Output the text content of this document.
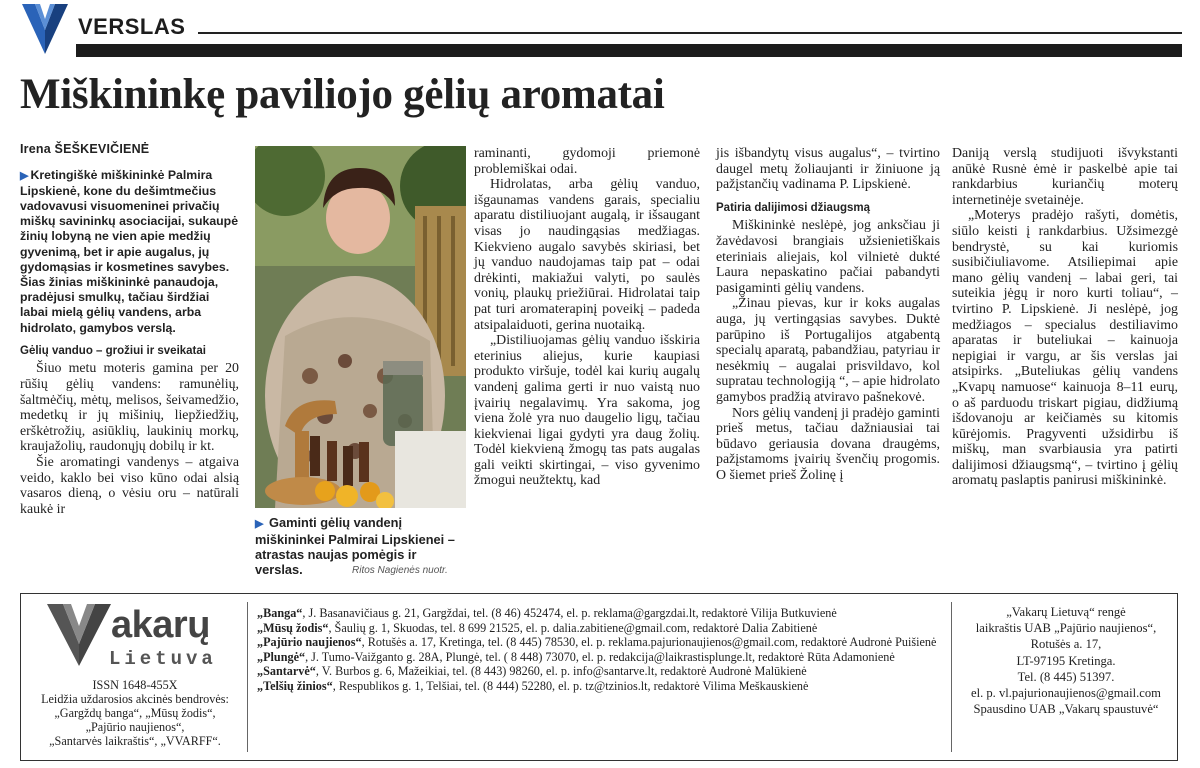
VERSLAS
Miškininkę paviliojo gėlių aromatai
Irena ŠEŠKEVIČIENĖ

▶ Kretingiškė miškininkė Palmira Lipskienė, kone du dešimtmečius vadovavusi visuomeninei privačių miškų savininkų asociacijai, sukaupė žinių lobyną ne vien apie medžių gyvenimą, bet ir apie augalus, jų gydomąsias ir kosmetines savybes. Šias žinias miškininkė panaudoja, pradėjusi smulkų, tačiau širdžiai labai mielą gėlių vandens, arba hidrolato, gamybos verslą.

Gėlių vanduo – grožiui ir sveikatai

Šiuo metu moteris gamina per 20 rūšių gėlių vandens: ramunėlių, šaltmėčių, mėtų, melisos, šeivamedžio, medetkų ir jų mišinių, liepžiedžių, erškėtrožių, asiūklių, laukinių morkų, kraujažolių, raudonųjų dobilų ir kt.

Šie aromatingi vandenys – atgaiva veido, kaklo bei viso kūno odai alsią vasaros dieną, o vėsiu oru – natūrali kaukė ir

▶ Gaminti gėlių vandenį miškininkei Palmirai Lipskienei – atrastas naujas pomėgis ir verslas.	Ritos Nagienės nuotr.

raminanti, gydomoji priemonė problemiškai odai.

Hidrolatas, arba gėlių vanduo, išgaunamas vandens garais, specialiu aparatu distiliuojant augalą, ir išsaugant visas jo naudingąsias medžiagas. Kiekvieno augalo savybės skiriasi, bet jų vanduo naudojamas taip pat – odai drėkinti, makiažui valyti, po saulės vonių, plaukų priežiūrai. Hidrolatai taip pat turi aromaterapinį poveikį – padeda atsipalaiduoti, gerina nuotaiką.

„Distiliuojamas gėlių vanduo išskiria eterinius aliejus, kurie kaupiasi produkto viršuje, todėl kai kurių augalų vandenį galima gerti ir nuo vaistą nuo įvairių negalavimų. Yra sakoma, jog viena žolė yra nuo daugelio ligų, tačiau kiekvienai ligai gydyti yra daug žolių. Todėl kiekvieną žmogų tas pats augalas gali veikti skirtingai, – viso gyvenimo žmogui neužtektų, kad

jis išbandytų visus augalus“, – tvirtino daugel metų žoliaujanti ir žiniuone ją pažįstančių vadinama P. Lipskienė.

Patiria dalijimosi džiaugsmą

Miškininkė neslėpė, jog anksčiau ji žavėdavosi brangiais užsienietiškais eteriniais aliejais, kol vilnietė dukté Laura nepaskatino pačiai pabandyti pasigaminti gėlių vandens.

„Žinau pievas, kur ir koks augalas auga, jų vertingąsias savybes. Duktė parūpino iš Portugalijos atgabentą specialų aparatą, pabandžiau, patyriau ir nesėkmių – augalai prisvildavo, kol supratau technologiją “, – apie hidrolato gamybos pradžią atviravo pašnekovė.

Nors gėlių vandenį ji pradėjo gaminti prieš metus, tačiau dažniausiai tai būdavo geriausia dovana draugėms, pažįstamoms įvairių švenčių progomis. O šiemet prieš Žolinę į

Daniją verslą studijuoti išvykstanti anūkė Rusnė ėmė ir paskelbė apie tai rankdarbius kuriančių moterų internetinėje svetainėje.

„Moterys pradėjo rašyti, domėtis, siūlo keisti į rankdarbius. Užsimezgė bendrystė, su kai kuriomis susibičiuliavome. Atsiliepimai apie mano gėlių vandenį – labai geri, tai suteikia jėgų ir noro kurti toliau“, – tvirtino P. Lipskienė. Ji neslėpė, jog medžiagos – specialus destiliavimo aparatas ir buteliukai – kainuoja nepigiai ir vargu, ar šis verslas jai atsipirks. „Buteliukas gėlių vandens „Kvapų namuose“ kainuoja 8–11 eurų, o aš parduodu triskart pigiau, didžiumą išdovanoju ar keičiamės su kitomis kūrėjomis. Pragyventi užsidirbu iš miškų, man svarbiausia yra patirti dalijimosi džiaugsmą“, – tvirtino į gėlių aromatų paslaptis panirusi miškininkė.

akarų
Lietuva
ISSN 1648-455X
Leidžia uždarosios akcinės bendrovės:
„Gargždų banga“, „Mūsų žodis“,
„Pajūrio naujienos“,
„Santarvės laikraštis“, „VVARFF“.
„Banga“, J. Basanavičiaus g. 21, Gargždai, tel. (8 46) 452474, el. p. reklama@gargzdai.lt, redaktorė Vilija Butkuvienė
„Mūsų žodis“, Šaulių g. 1, Skuodas, tel. 8 699 21525, el. p. dalia.zabitiene@gmail.com, redaktorė Dalia Zabitienė
„Pajūrio naujienos“, Rotušės a. 17, Kretinga, tel. (8 445) 78530, el. p. reklama.pajurionaujienos@gmail.com, redaktorė Audronė Puišienė
„Plungė“, J. Tumo-Vaižganto g. 28A, Plungė, tel. ( 8 448) 73070, el. p. redakcija@laikrastisplunge.lt, redaktorė Rūta Adamonienė
„Santarvė“, V. Burbos g. 6, Mažeikiai, tel. (8 443) 98260, el. p. info@santarve.lt, redaktorė Audronė Malūkienė
„Telšių žinios“, Respublikos g. 1, Telšiai, tel. (8 444) 52280, el. p. tz@tzinios.lt, redaktorė Vilima Meškauskienė
„Vakarų Lietuvą“ rengė
laikraštis UAB „Pajūrio naujienos“,
Rotušės a. 17,
LT-97195 Kretinga.
Tel. (8 445) 51397.
el. p. vl.pajurionaujienos@gmail.com
Spausdino UAB „Vakarų spaustuvė“
